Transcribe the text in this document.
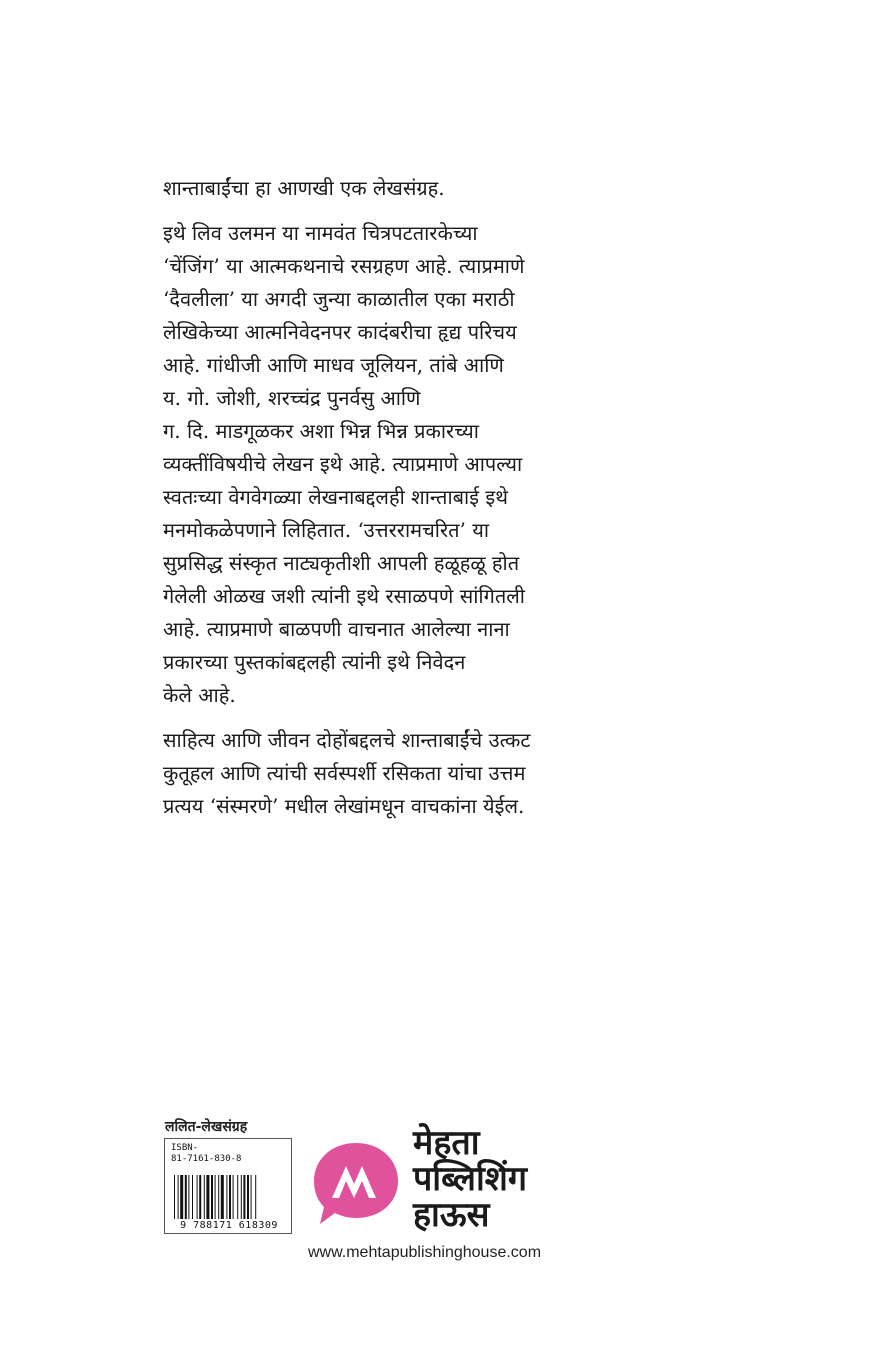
शान्ताबाईंचा हा आणखी एक लेखसंग्रह.

इथे लिव उलमन या नामवंत चित्रपटतारकेच्या
‘चेंजिंग’ या आत्मकथनाचे रसग्रहण आहे. त्याप्रमाणे
‘दैवलीला’ या अगदी जुन्या काळातील एका मराठी
लेखिकेच्या आत्मनिवेदनपर कादंबरीचा हृद्य परिचय
आहे. गांधीजी आणि माधव जूलियन, तांबे आणि
य. गो. जोशी, शरच्चंद्र पुनर्वसु आणि
ग. दि. माडगूळकर अशा भिन्न भिन्न प्रकारच्या
व्यक्तींविषयीचे लेखन इथे आहे. त्याप्रमाणे आपल्या
स्वतःच्या वेगवेगळ्या लेखनाबद्दलही शान्ताबाई इथे
मनमोकळेपणाने लिहितात. ‘उत्तररामचरित’ या
सुप्रसिद्ध संस्कृत नाट्यकृतीशी आपली हळूहळू होत
गेलेली ओळख जशी त्यांनी इथे रसाळपणे सांगितली
आहे. त्याप्रमाणे बाळपणी वाचनात आलेल्या नाना
प्रकारच्या पुस्तकांबद्दलही त्यांनी इथे निवेदन
केले आहे.

साहित्य आणि जीवन दोहोंबद्दलचे शान्ताबाईंचे उत्कट
कुतूहल आणि त्यांची सर्वस्पर्शी रसिकता यांचा उत्तम
प्रत्यय ‘संस्मरणे’ मधील लेखांमधून वाचकांना येईल.

ललित-लेखसंग्रह
ISBN-
81-7161-830-8
9 788171 618309
मेहता
पब्लिशिंग
हाऊस
www.mehtapublishinghouse.com
